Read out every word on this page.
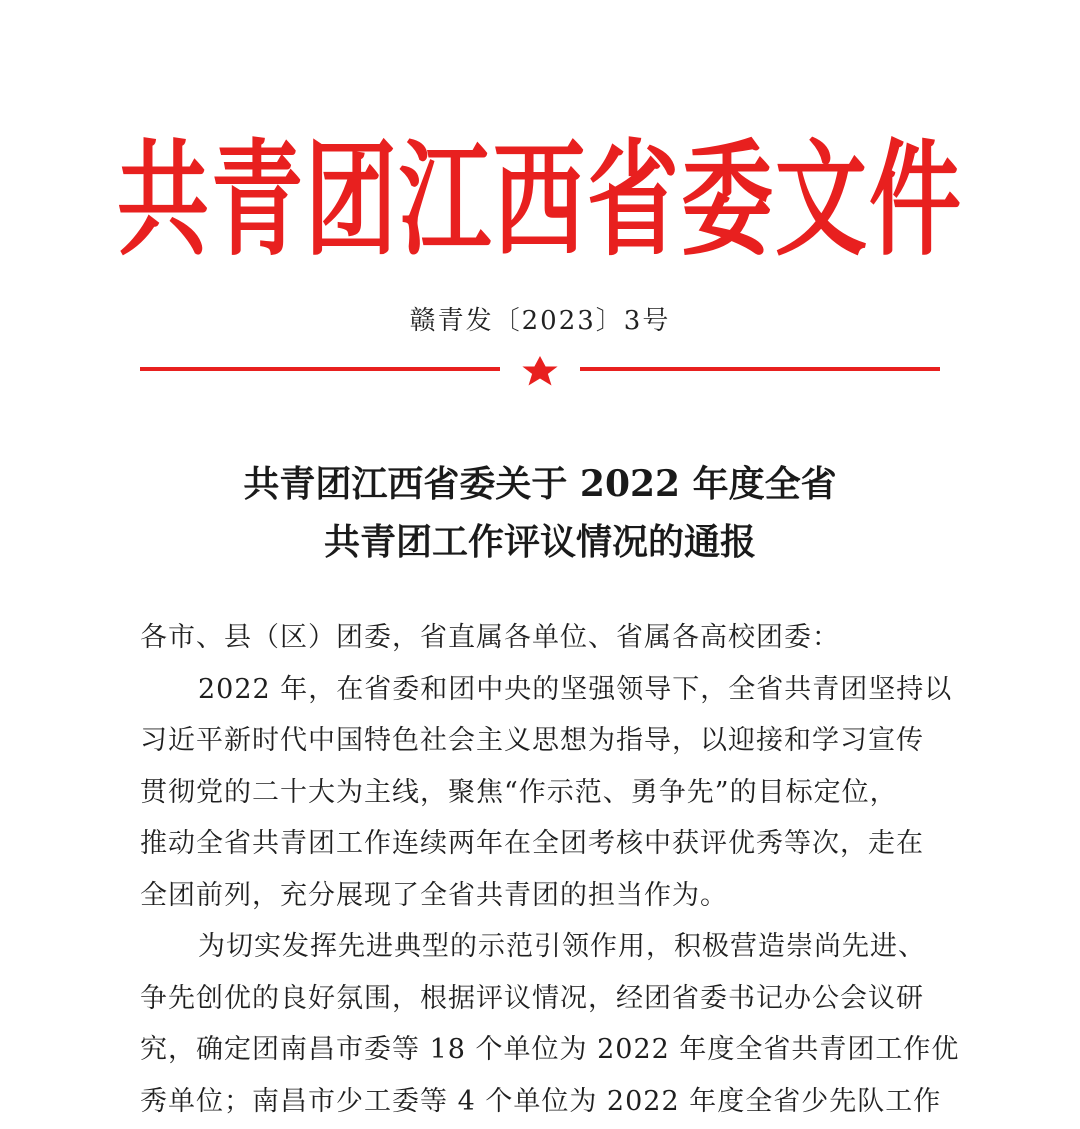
共青团江西省委文件
赣青发〔2023〕3号
共青团江西省委关于 2022 年度全省
共青团工作评议情况的通报
各市、县（区）团委，省直属各单位、省属各高校团委：
2022 年，在省委和团中央的坚强领导下，全省共青团坚持以
习近平新时代中国特色社会主义思想为指导，以迎接和学习宣传
贯彻党的二十大为主线，聚焦“作示范、勇争先”的目标定位，
推动全省共青团工作连续两年在全团考核中获评优秀等次，走在
全团前列，充分展现了全省共青团的担当作为。
为切实发挥先进典型的示范引领作用，积极营造崇尚先进、
争先创优的良好氛围，根据评议情况，经团省委书记办公会议研
究，确定团南昌市委等 18 个单位为 2022 年度全省共青团工作优
秀单位；南昌市少工委等 4 个单位为 2022 年度全省少先队工作
